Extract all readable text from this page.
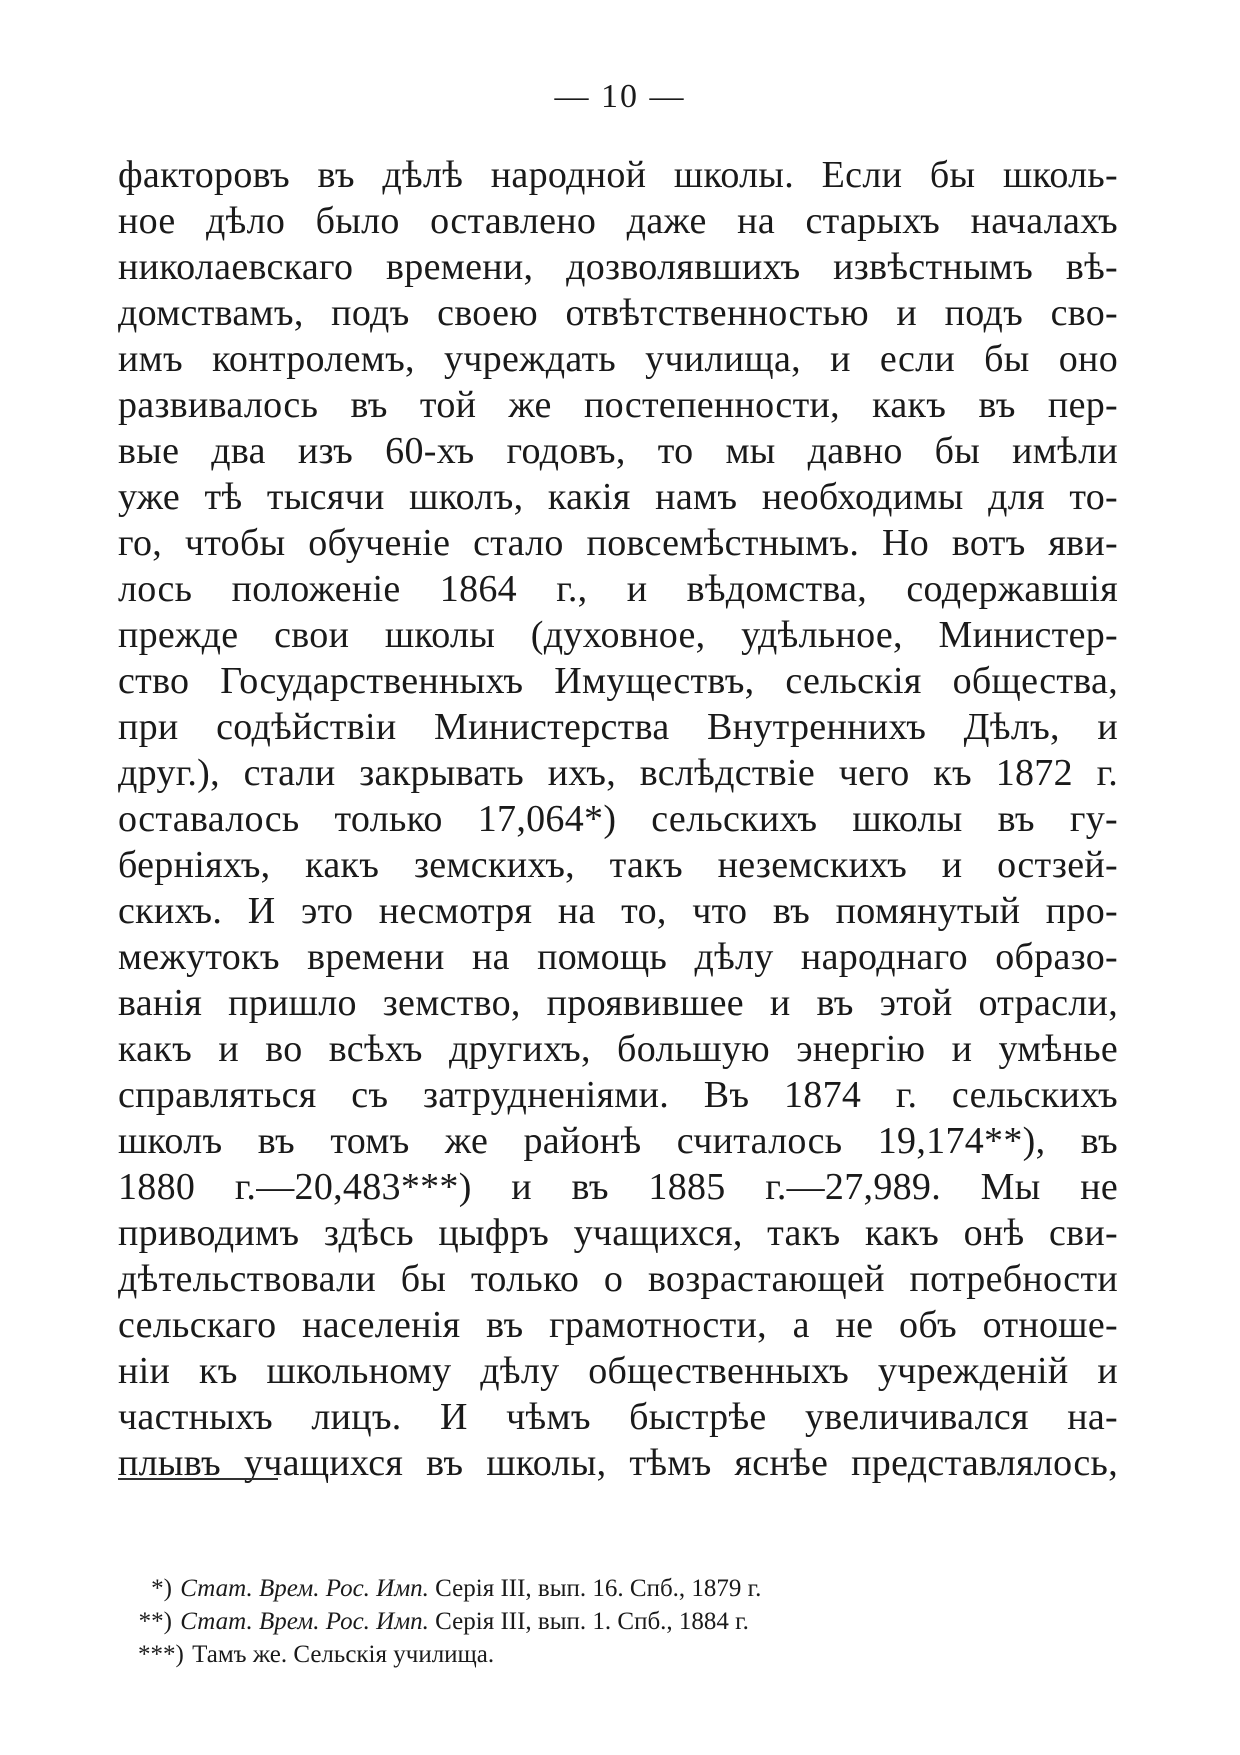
— 10 —
факторовъ въ дѣлѣ народной школы. Если бы школь-
ное дѣло было оставлено даже на старыхъ началахъ
николаевскаго времени, дозволявшихъ извѣстнымъ вѣ-
домствамъ, подъ своею отвѣтственностью и подъ сво-
имъ контролемъ, учреждать училища, и если бы оно
развивалось въ той же постепенности, какъ въ пер-
вые два изъ 60-хъ годовъ, то мы давно бы имѣли
уже тѣ тысячи школъ, какія намъ необходимы для то-
го, чтобы обученіе стало повсемѣстнымъ. Но вотъ яви-
лось положеніе 1864 г., и вѣдомства, содержавшія
прежде свои школы (духовное, удѣльное, Министер-
ство Государственныхъ Имуществъ, сельскія общества,
при содѣйствіи Министерства Внутреннихъ Дѣлъ, и
друг.), стали закрывать ихъ, вслѣдствіе чего къ 1872 г.
оставалось только 17,064*) сельскихъ школы въ гу-
берніяхъ, какъ земскихъ, такъ неземскихъ и остзей-
скихъ. И это несмотря на то, что въ помянутый про-
межутокъ времени на помощь дѣлу народнаго образо-
ванія пришло земство, проявившее и въ этой отрасли,
какъ и во всѣхъ другихъ, большую энергію и умѣнье
справляться съ затрудненіями. Въ 1874 г. сельскихъ
школъ въ томъ же районѣ считалось 19,174**), въ
1880 г.—20,483***) и въ 1885 г.—27,989. Мы не
приводимъ здѣсь цыфръ учащихся, такъ какъ онѣ сви-
дѣтельствовали бы только о возрастающей потребности
сельскаго населенія въ грамотности, а не объ отноше-
ніи къ школьному дѣлу общественныхъ учрежденій и
частныхъ лицъ. И чѣмъ быстрѣе увеличивался на-
плывъ учащихся въ школы, тѣмъ яснѣе представлялось,
*) Стат. Врем. Рос. Имп. Серія III, вып. 16. Спб., 1879 г.
**) Стат. Врем. Рос. Имп. Серія III, вып. 1. Спб., 1884 г.
***) Тамъ же. Сельскія училища.
